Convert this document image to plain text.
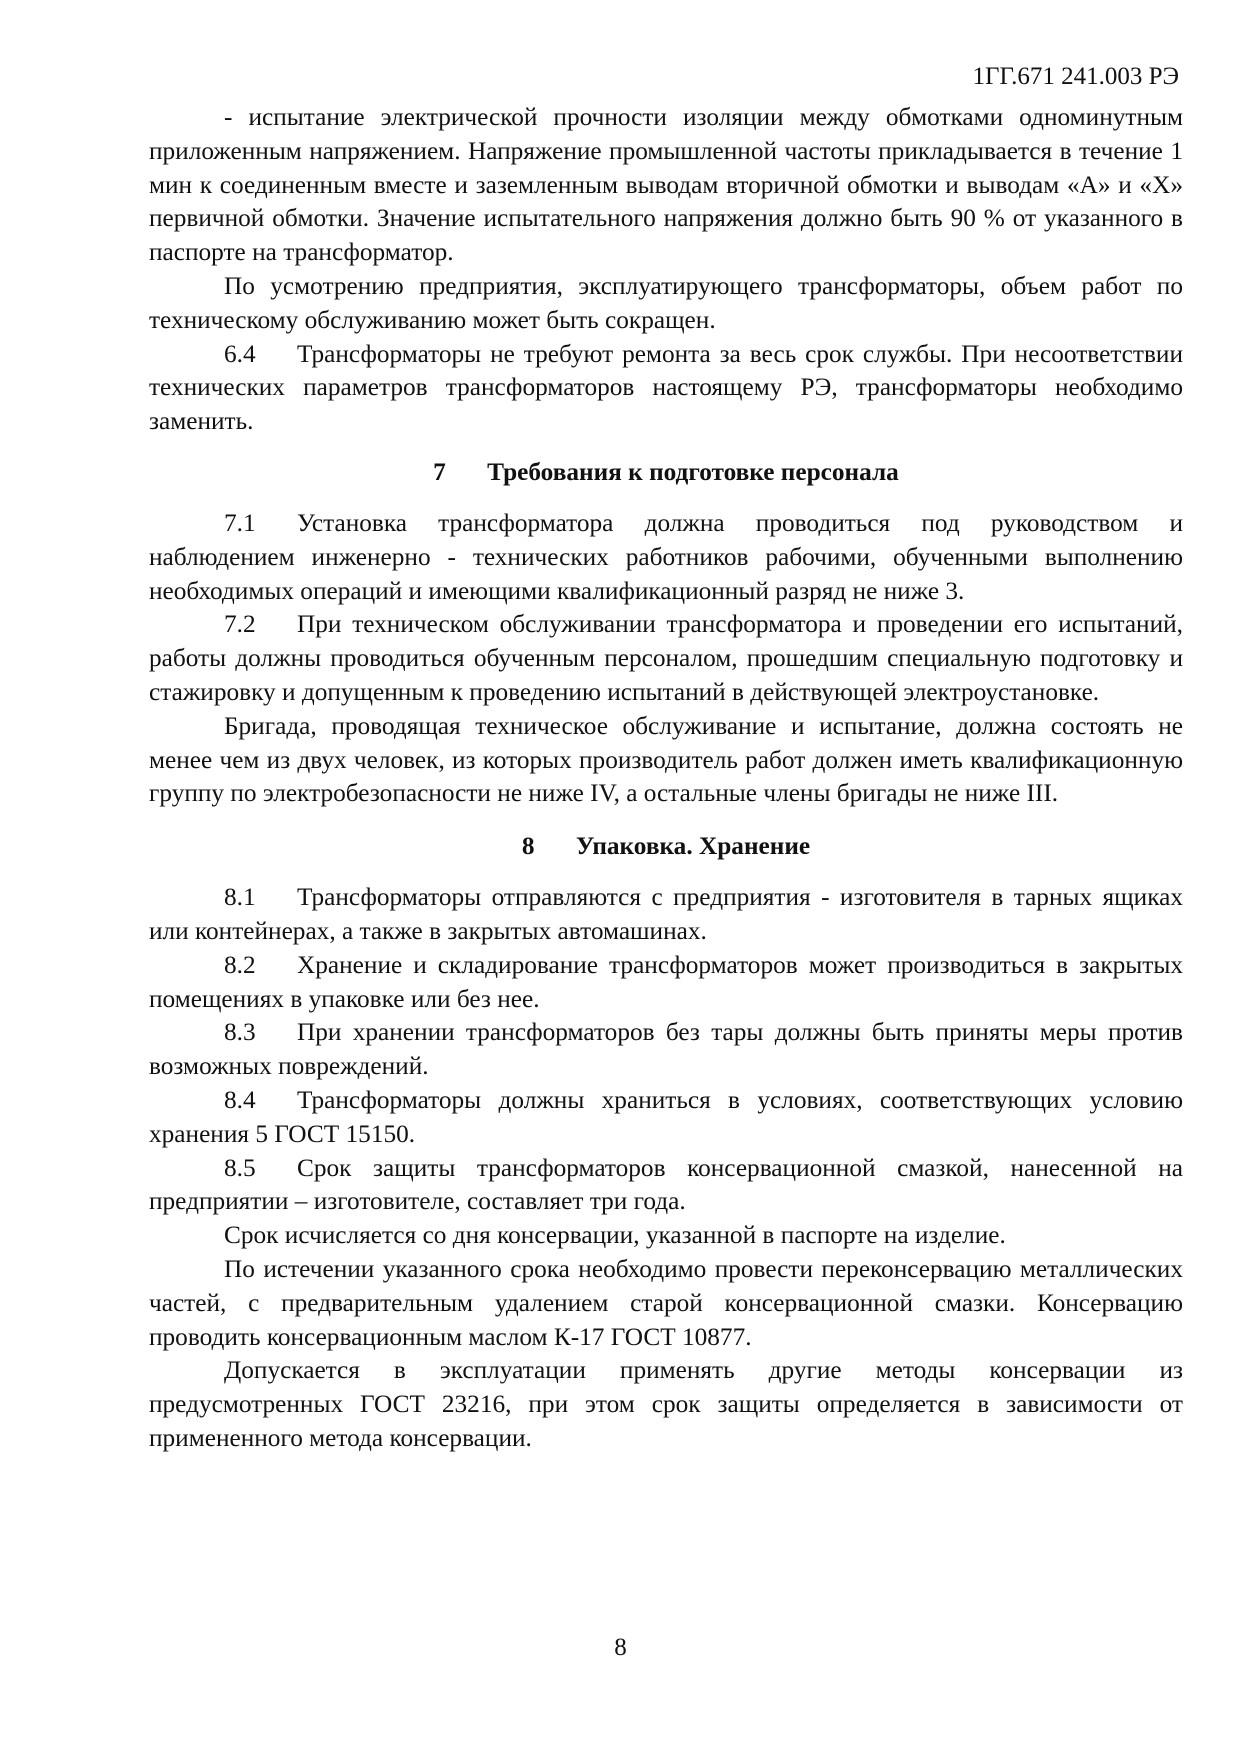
1ГГ.671 241.003 РЭ

- испытание электрической прочности изоляции между обмотками одноминутным приложенным напряжением. Напряжение промышленной частоты прикладывается в течение 1 мин к соединенным вместе и заземленным выводам вторичной обмотки и выводам «А» и «Х» первичной обмотки. Значение испытательного напряжения должно быть 90 % от указанного в паспорте на трансформатор.

По усмотрению предприятия, эксплуатирующего трансформаторы, объем работ по техническому обслуживанию может быть сокращен.

6.4 Трансформаторы не требуют ремонта за весь срок службы. При несоответствии технических параметров трансформаторов настоящему РЭ, трансформаторы необходимо заменить.

7 Требования к подготовке персонала

7.1 Установка трансформатора должна проводиться под руководством и наблюдением инженерно - технических работников рабочими, обученными выполнению необходимых операций и имеющими квалификационный разряд не ниже 3.

7.2 При техническом обслуживании трансформатора и проведении его испытаний, работы должны проводиться обученным персоналом, прошедшим специальную подготовку и стажировку и допущенным к проведению испытаний в действующей электроустановке.

Бригада, проводящая техническое обслуживание и испытание, должна состоять не менее чем из двух человек, из которых производитель работ должен иметь квалификационную группу по электробезопасности не ниже IV, а остальные члены бригады не ниже III.

8 Упаковка. Хранение

8.1 Трансформаторы отправляются с предприятия - изготовителя в тарных ящиках или контейнерах, а также в закрытых автомашинах.

8.2 Хранение и складирование трансформаторов может производиться в закрытых помещениях в упаковке или без нее.

8.3 При хранении трансформаторов без тары должны быть приняты меры против возможных повреждений.

8.4 Трансформаторы должны храниться в условиях, соответствующих условию хранения 5 ГОСТ 15150.

8.5 Срок защиты трансформаторов консервационной смазкой, нанесенной на предприятии – изготовителе, составляет три года.

Срок исчисляется со дня консервации, указанной в паспорте на изделие.

По истечении указанного срока необходимо провести переконсервацию металлических частей, с предварительным удалением старой консервационной смазки. Консервацию проводить консервационным маслом К-17 ГОСТ 10877.

Допускается в эксплуатации применять другие методы консервации из предусмотренных ГОСТ 23216, при этом срок защиты определяется в зависимости от примененного метода консервации.

8
